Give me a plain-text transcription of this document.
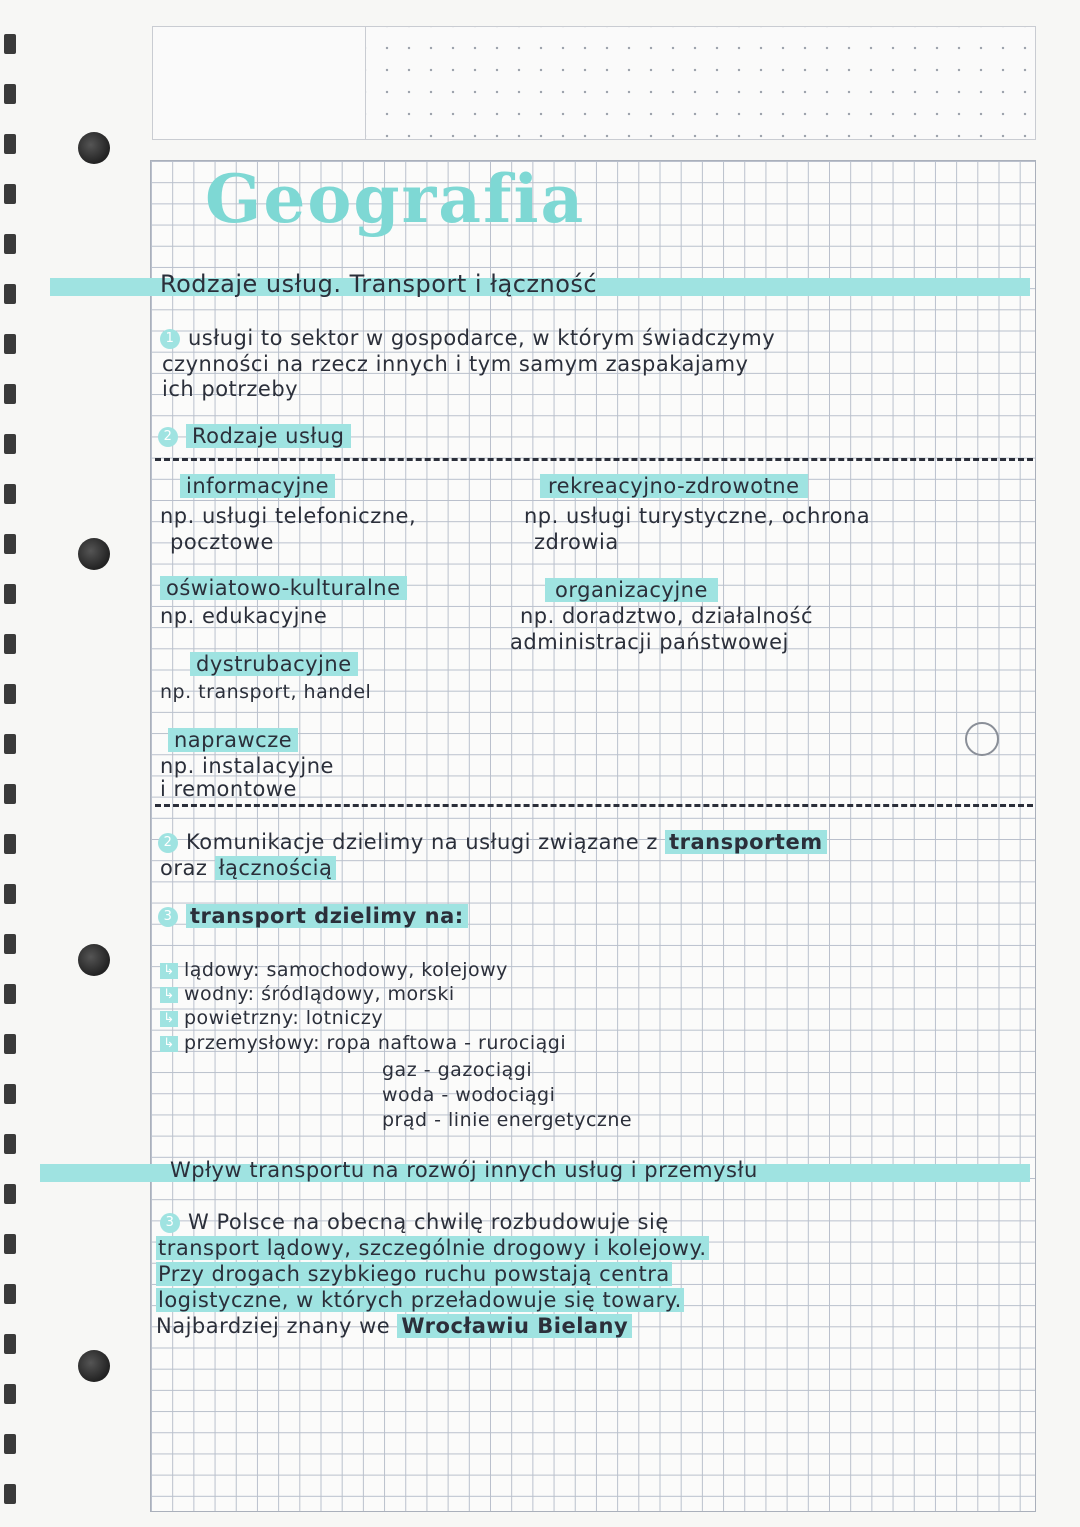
Geografia
Rodzaje usług. Transport i łączność
1 usługi to sektor w gospodarce, w którym świadczymy
czynności na rzecz innych i tym samym zaspakajamy
ich potrzeby
2 Rodzaje usług
informacyjne
np. usługi telefoniczne,
pocztowe
oświatowo-kulturalne
np. edukacyjne
dystrubacyjne
np. transport, handel
naprawcze
np. instalacyjne
i remontowe
rekreacyjno-zdrowotne
np. usługi turystyczne, ochrona
zdrowia
organizacyjne
np. doradztwo, działalność
administracji państwowej
2 Komunikacje dzielimy na usługi związane z transportem
oraz łącznością
3 transport dzielimy na:
↳ lądowy: samochodowy, kolejowy
↳ wodny: śródlądowy, morski
↳ powietrzny: lotniczy
↳ przemysłowy: ropa naftowa - rurociągi
gaz - gazociągi
woda - wodociągi
prąd - linie energetyczne
Wpływ transportu na rozwój innych usług i przemysłu
3 W Polsce na obecną chwilę rozbudowuje się
transport lądowy, szczególnie drogowy i kolejowy.
Przy drogach szybkiego ruchu powstają centra
logistyczne, w których przeładowuje się towary.
Najbardziej znany we Wrocławiu Bielany
